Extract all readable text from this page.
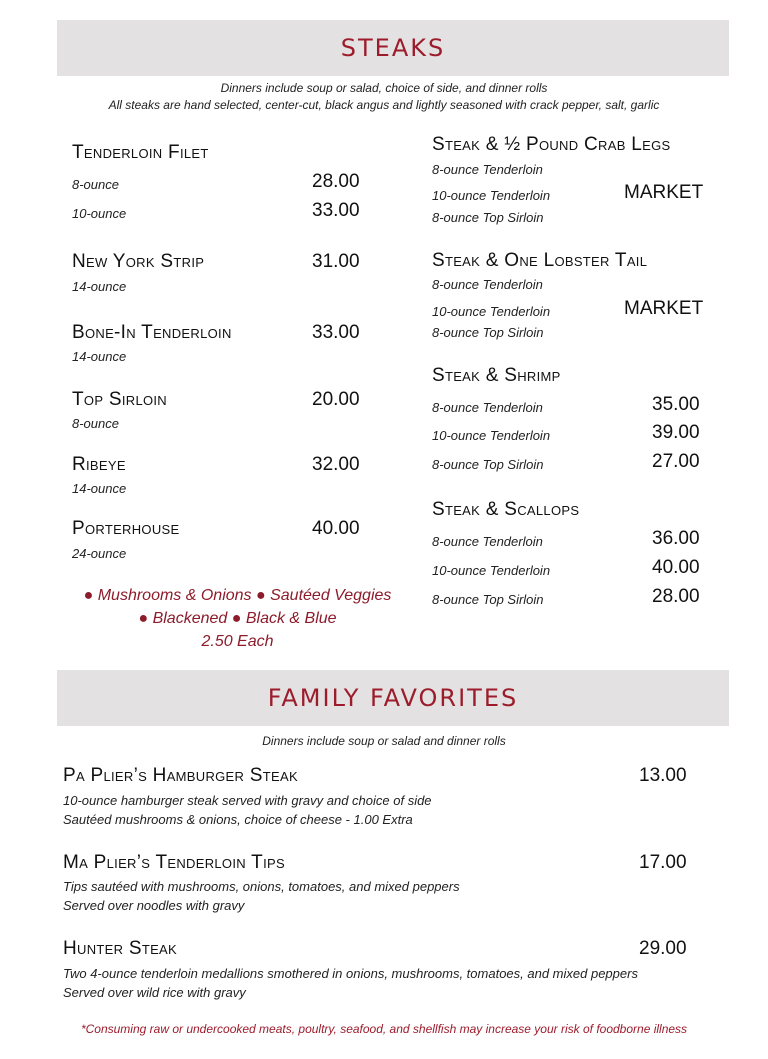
STEAKS
Dinners include soup or salad, choice of side, and dinner rolls
All steaks are hand selected, center-cut, black angus and lightly seasoned with crack pepper, salt, garlic
Tenderloin Filet
8-ounce	28.00
10-ounce	33.00
New York Strip	31.00
14-ounce
Bone-In Tenderloin	33.00
14-ounce
Top Sirloin	20.00
8-ounce
Ribeye	32.00
14-ounce
Porterhouse	40.00
24-ounce
● Mushrooms & Onions ● Sautéed Veggies
● Blackened ● Black & Blue
2.50 Each
Steak & ½ Pound Crab Legs
8-ounce Tenderloin
10-ounce Tenderloin
8-ounce Top Sirloin
MARKET
Steak & One Lobster Tail
8-ounce Tenderloin
10-ounce Tenderloin
8-ounce Top Sirloin
MARKET
Steak & Shrimp
8-ounce Tenderloin	35.00
10-ounce Tenderloin	39.00
8-ounce Top Sirloin	27.00
Steak & Scallops
8-ounce Tenderloin	36.00
10-ounce Tenderloin	40.00
8-ounce Top Sirloin	28.00
FAMILY FAVORITES
Dinners include soup or salad and dinner rolls
Pa Plier’s Hamburger Steak	13.00
10-ounce hamburger steak served with gravy and choice of side
Sautéed mushrooms & onions, choice of cheese - 1.00 Extra
Ma Plier’s Tenderloin Tips	17.00
Tips sautéed with mushrooms, onions, tomatoes, and mixed peppers
Served over noodles with gravy
Hunter Steak	29.00
Two 4-ounce tenderloin medallions smothered in onions, mushrooms, tomatoes, and mixed peppers
Served over wild rice with gravy
*Consuming raw or undercooked meats, poultry, seafood, and shellfish may increase your risk of foodborne illness
